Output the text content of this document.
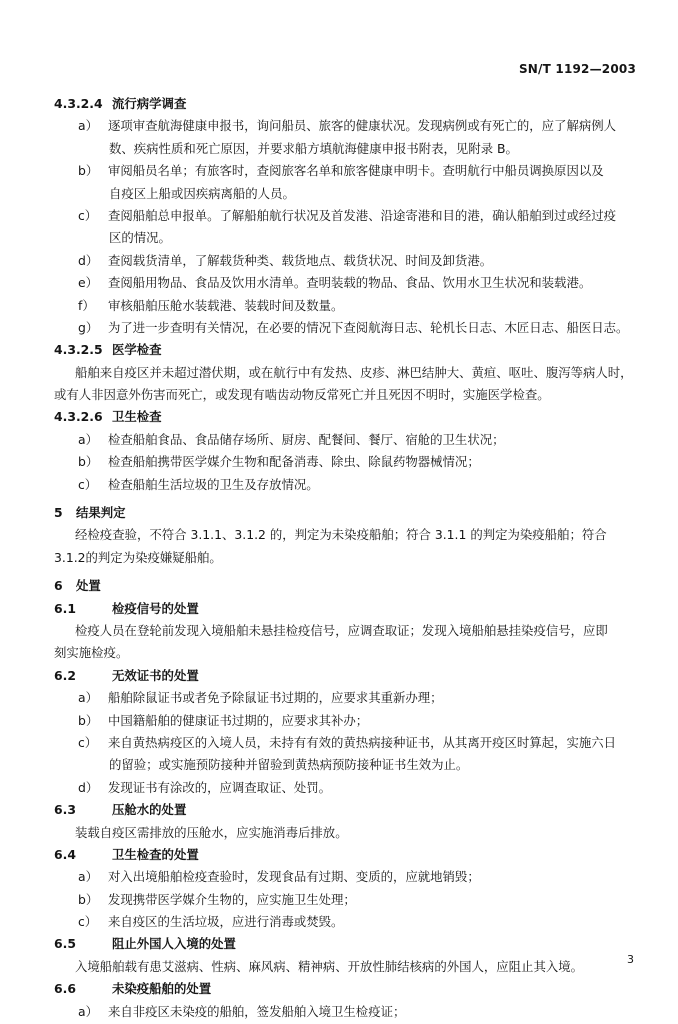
SN/T 1192—2003
4.3.2.4 流行病学调查
a） 逐项审查航海健康申报书，询问船员、旅客的健康状况。发现病例或有死亡的，应了解病例人
数、疾病性质和死亡原因，并要求船方填航海健康申报书附表，见附录 B。
b） 审阅船员名单；有旅客时，查阅旅客名单和旅客健康申明卡。查明航行中船员调换原因以及
自疫区上船或因疾病离船的人员。
c） 查阅船舶总申报单。了解船舶航行状况及首发港、沿途寄港和目的港，确认船舶到过或经过疫
区的情况。
d） 查阅载货清单，了解载货种类、载货地点、载货状况、时间及卸货港。
e） 查阅船用物品、食品及饮用水清单。查明装载的物品、食品、饮用水卫生状况和装载港。
f） 审核船舶压舱水装载港、装载时间及数量。
g） 为了进一步查明有关情况，在必要的情况下查阅航海日志、轮机长日志、木匠日志、船医日志。
4.3.2.5 医学检查
船舶来自疫区并未超过潜伏期，或在航行中有发热、皮疹、淋巴结肿大、黄疸、呕吐、腹泻等病人时，
或有人非因意外伤害而死亡，或发现有啮齿动物反常死亡并且死因不明时，实施医学检查。
4.3.2.6 卫生检查
a） 检查船舶食品、食品储存场所、厨房、配餐间、餐厅、宿舱的卫生状况；
b） 检查船舶携带医学媒介生物和配备消毒、除虫、除鼠药物器械情况；
c） 检查船舶生活垃圾的卫生及存放情况。
5 结果判定
经检疫查验，不符合 3.1.1、3.1.2 的，判定为未染疫船舶；符合 3.1.1 的判定为染疫船舶；符合
3.1.2的判定为染疫嫌疑船舶。
6 处置
6.1	检疫信号的处置
检疫人员在登轮前发现入境船舶未悬挂检疫信号，应调查取证；发现入境船舶悬挂染疫信号，应即
刻实施检疫。
6.2	无效证书的处置
a） 船舶除鼠证书或者免予除鼠证书过期的，应要求其重新办理；
b） 中国籍船舶的健康证书过期的，应要求其补办；
c） 来自黄热病疫区的入境人员，未持有有效的黄热病接种证书，从其离开疫区时算起，实施六日
的留验；或实施预防接种并留验到黄热病预防接种证书生效为止。
d） 发现证书有涂改的，应调查取证、处罚。
6.3	压舱水的处置
装载自疫区需排放的压舱水，应实施消毒后排放。
6.4	卫生检查的处置
a） 对入出境船舶检疫查验时，发现食品有过期、变质的，应就地销毁；
b） 发现携带医学媒介生物的，应实施卫生处理；
c） 来自疫区的生活垃圾，应进行消毒或焚毁。
6.5	阻止外国人入境的处置
入境船舶载有患艾滋病、性病、麻风病、精神病、开放性肺结核病的外国人，应阻止其入境。
6.6	未染疫船舶的处置
a） 来自非疫区未染疫的船舶，签发船舶入境卫生检疫证；
3
